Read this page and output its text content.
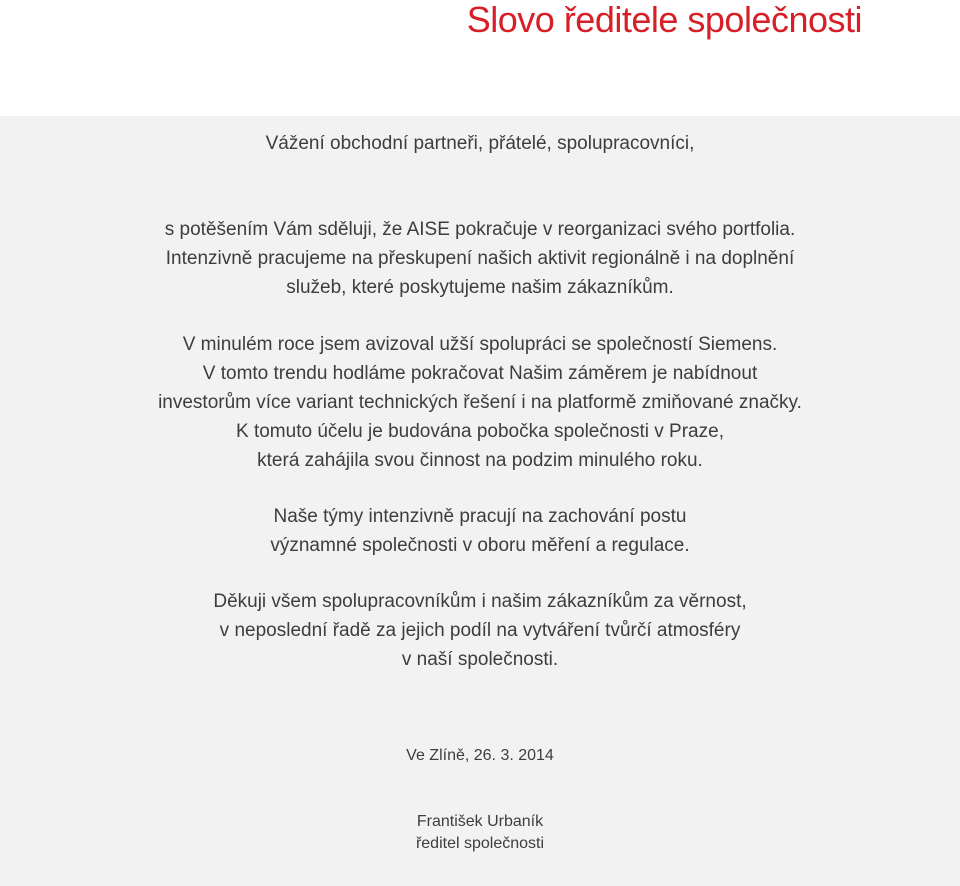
Slovo ředitele společnosti
Vážení obchodní partneři, přátelé, spolupracovníci,
s potěšením Vám sděluji, že AISE pokračuje v reorganizaci svého portfolia.
Intenzivně pracujeme na přeskupení našich aktivit regionálně i na doplnění
služeb, které poskytujeme našim zákazníkům.
V minulém roce jsem avizoval užší spolupráci se společností Siemens.
V tomto trendu hodláme pokračovat Našim záměrem je nabídnout
investorům více variant technických řešení i na platformě zmiňované značky.
K tomuto účelu je budována pobočka společnosti v Praze,
která zahájila svou činnost na podzim minulého roku.
Naše týmy intenzivně pracují na zachování postu
významné společnosti v oboru měření a regulace.
Děkuji všem spolupracovníkům i našim zákazníkům za věrnost,
v neposlední řadě za jejich podíl na vytváření tvůrčí atmosféry
v naší společnosti.
Ve Zlíně, 26. 3. 2014
František Urbaník
ředitel společnosti
